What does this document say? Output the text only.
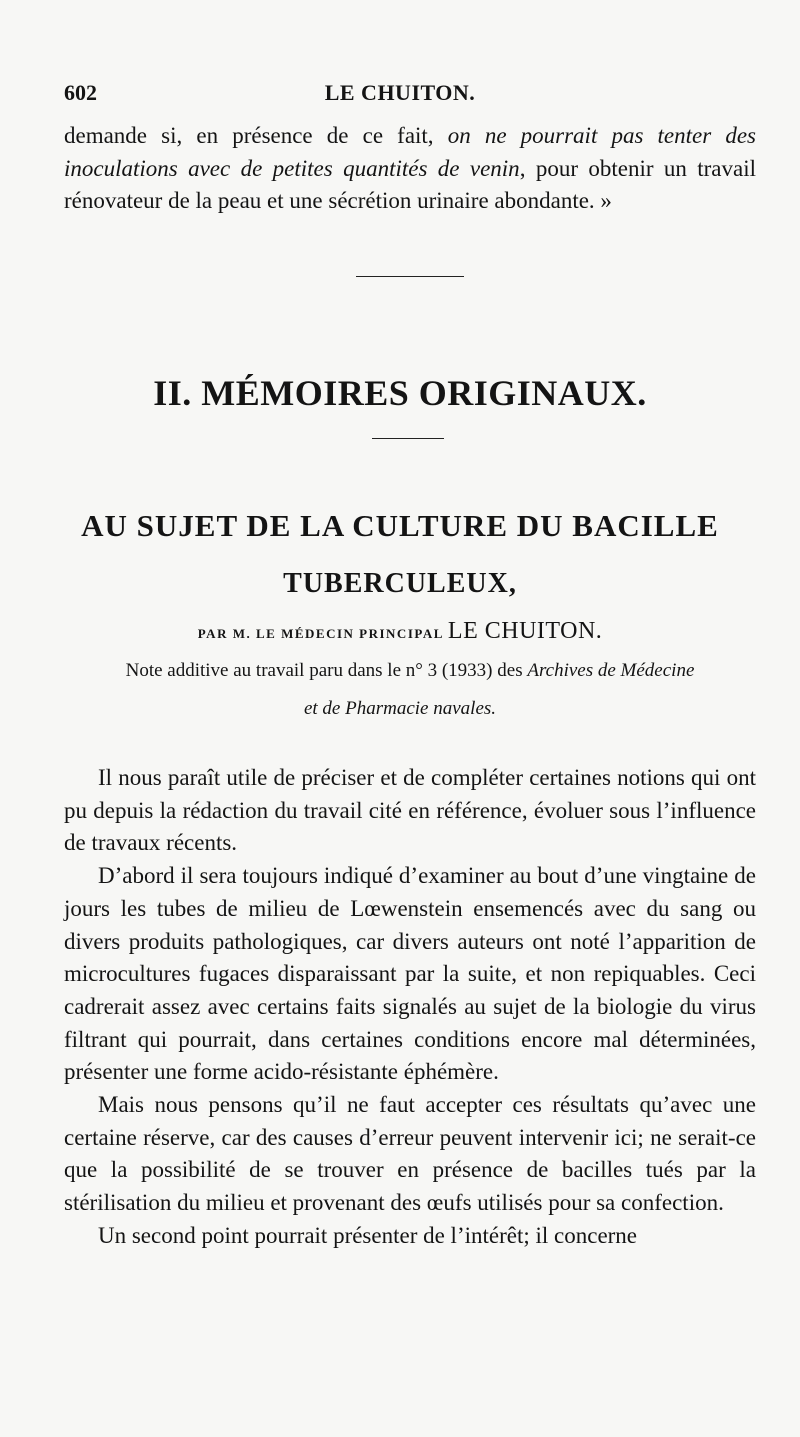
602	LE CHUITON.

demande si, en présence de ce fait, on ne pourrait pas tenter des inoculations avec de petites quantités de venin, pour obtenir un travail rénovateur de la peau et une sécrétion urinaire abondante. »

II. MÉMOIRES ORIGINAUX.
AU SUJET DE LA CULTURE DU BACILLE
TUBERCULEUX,
PAR M. LE MÉDECIN PRINCIPAL LE CHUITON.
Note additive au travail paru dans le n° 3 (1933) des Archives de Médecine
et de Pharmacie navales.

Il nous paraît utile de préciser et de compléter certaines notions qui ont pu depuis la rédaction du travail cité en référence, évoluer sous l’influence de travaux récents.

D’abord il sera toujours indiqué d’examiner au bout d’une vingtaine de jours les tubes de milieu de Lœwenstein ensemencés avec du sang ou divers produits pathologiques, car divers auteurs ont noté l’apparition de microcultures fugaces disparaissant par la suite, et non repiquables. Ceci cadrerait assez avec certains faits signalés au sujet de la biologie du virus filtrant qui pourrait, dans certaines conditions encore mal déterminées, présenter une forme acido-résistante éphémère.

Mais nous pensons qu’il ne faut accepter ces résultats qu’avec une certaine réserve, car des causes d’erreur peuvent intervenir ici; ne serait-ce que la possibilité de se trouver en présence de bacilles tués par la stérilisation du milieu et provenant des œufs utilisés pour sa confection.

Un second point pourrait présenter de l’intérêt; il concerne
